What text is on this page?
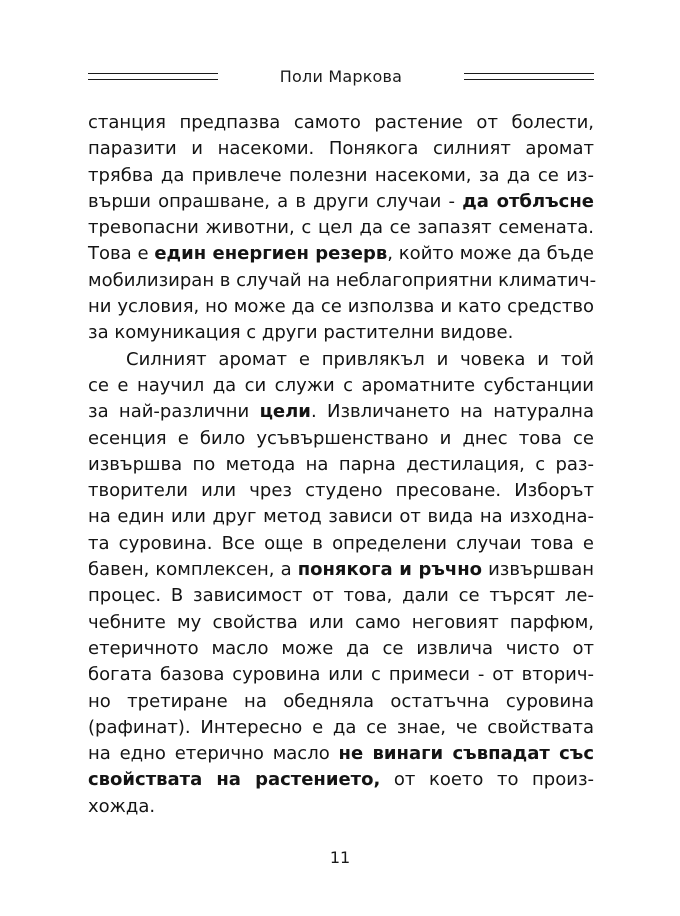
Поли Маркова
станция предпазва самото растение от болести,
паразити и насекоми. Понякога силният аромат
трябва да привлече полезни насекоми, за да се из-
върши опрашване, а в други случаи - да отблъсне
тревопасни животни, с цел да се запазят семената.
Това е един енергиен резерв, който може да бъде
мобилизиран в случай на неблагоприятни климатич-
ни условия, но може да се използва и като средство
за комуникация с други растителни видове.
Силният аромат е привлякъл и човека и той
се е научил да си служи с ароматните субстанции
за най-различни цели. Извличането на натурална
есенция е било усъвършенствано и днес това се
извършва по метода на парна дестилация, с раз-
творители или чрез студено пресоване. Изборът
на един или друг метод зависи от вида на изходна-
та суровина. Все още в определени случаи това е
бавен, комплексен, а понякога и ръчно извършван
процес. В зависимост от това, дали се търсят ле-
чебните му свойства или само неговият парфюм,
етеричното масло може да се извлича чисто от
богата базова суровина или с примеси - от вторич-
но третиране на обедняла остатъчна суровина
(рафинат). Интересно е да се знае, че свойствата
на едно етерично масло не винаги съвпадат със
свойствата на растението, от което то произ-
хожда.
11
